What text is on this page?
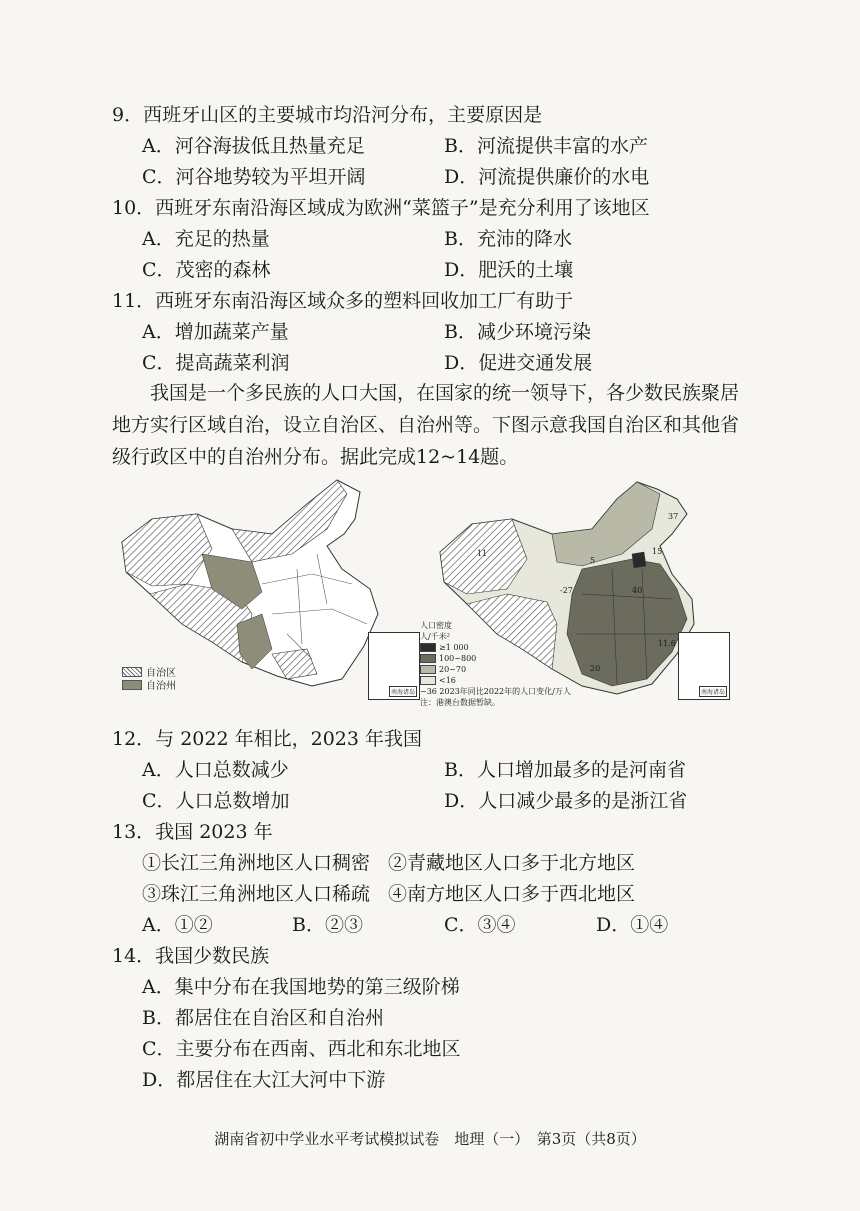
9．西班牙山区的主要城市均沿河分布，主要原因是
A．河谷海拔低且热量充足	B．河流提供丰富的水产
C．河谷地势较为平坦开阔	D．河流提供廉价的水电
10．西班牙东南沿海区域成为欧洲“菜篮子”是充分利用了该地区
A．充足的热量	B．充沛的降水
C．茂密的森林	D．肥沃的土壤
11．西班牙东南沿海区域众多的塑料回收加工厂有助于
A．增加蔬菜产量	B．减少环境污染
C．提高蔬菜利润	D．促进交通发展
我国是一个多民族的人口大国，在国家的统一领导下，各少数民族聚居地方实行区域自治，设立自治区、自治州等。下图示意我国自治区和其他省级行政区中的自治州分布。据此完成12~14题。
自治区
自治州
南海诸岛
人口密度
人/千米²
≥1 000
100~800
20~70
<16
−36 2023年同比2022年的人口变化/万人
注：港澳台数据暂缺。
南海诸岛
37
5
15
-27
11.6
11
40
20
12．与 2022 年相比，2023 年我国
A．人口总数减少	B．人口增加最多的是河南省
C．人口总数增加	D．人口减少最多的是浙江省
13．我国 2023 年
①长江三角洲地区人口稠密 ②青藏地区人口多于北方地区
③珠江三角洲地区人口稀疏 ④南方地区人口多于西北地区
A．①②	B．②③	C．③④	D．①④
14．我国少数民族
A．集中分布在我国地势的第三级阶梯
B．都居住在自治区和自治州
C．主要分布在西南、西北和东北地区
D．都居住在大江大河中下游
湖南省初中学业水平考试模拟试卷　地理（一）　第3页（共8页）
